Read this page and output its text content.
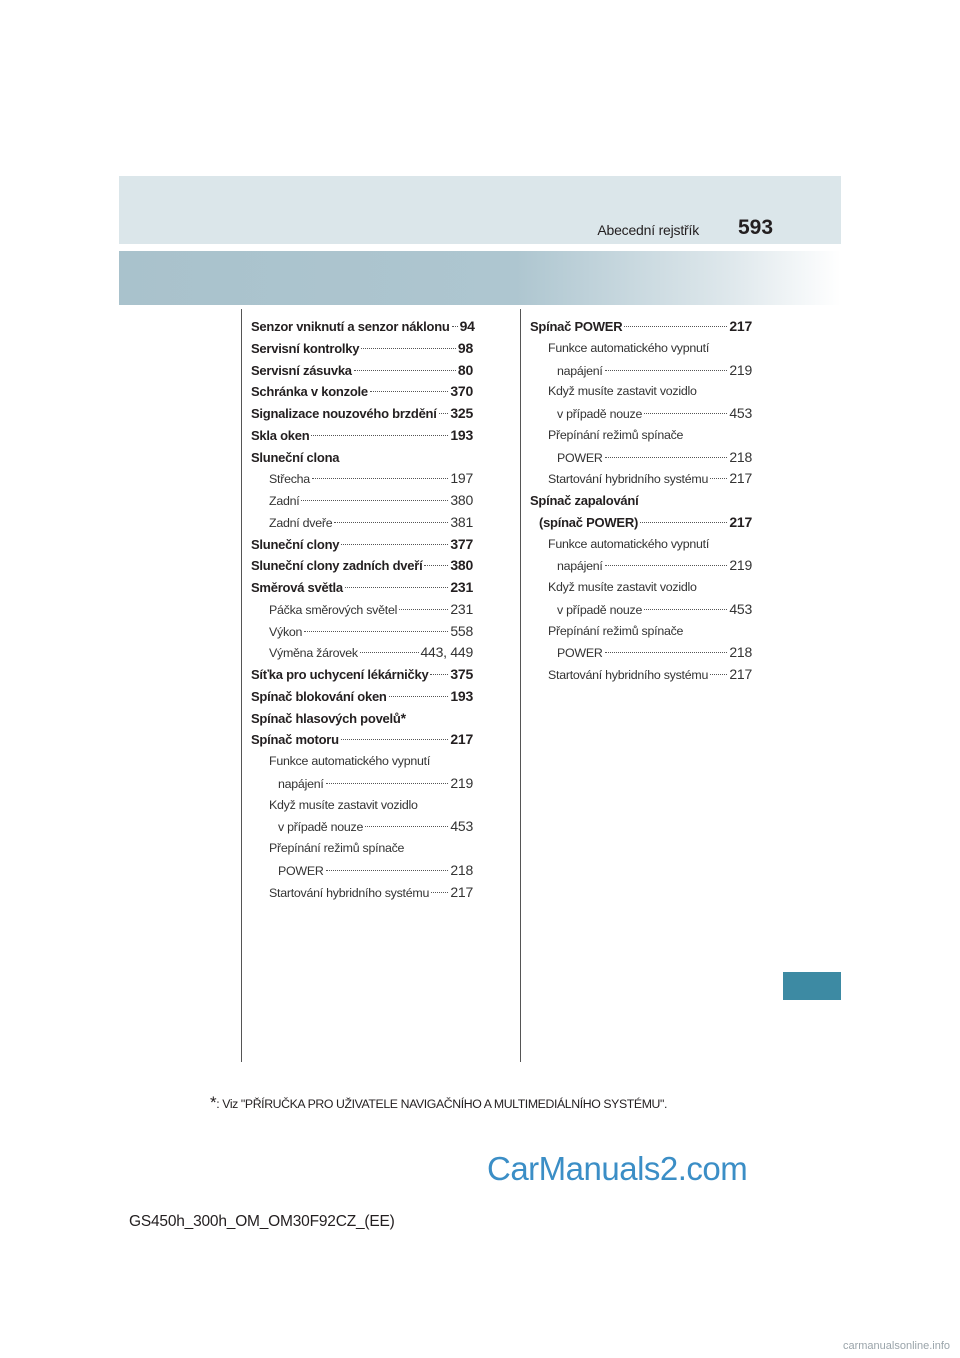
Abecední rejstřík 593
Senzor vniknutí a senzor náklonu 94
Servisní kontrolky	98
Servisní zásuvka	80
Schránka v konzole	370
Signalizace nouzového brzdění 325
Skla oken	193
Sluneční clona
Střecha	197
Zadní	380
Zadní dveře	381
Sluneční clony	377
Sluneční clony zadních dveří 380
Směrová světla	231
Páčka směrových světel	231
Výkon	558
Výměna žárovek	443, 449
Síťka pro uchycení lékárničky 375
Spínač blokování oken	193
Spínač hlasových povelů *
Spínač motoru	217
Funkce automatického vypnutí
napájení	219
Když musíte zastavit vozidlo
v případě nouze	453
Přepínání režimů spínače
POWER	218
Startování hybridního systému 217
Spínač POWER	217
Funkce automatického vypnutí
napájení	219
Když musíte zastavit vozidlo
v případě nouze	453
Přepínání režimů spínače
POWER	218
Startování hybridního systému 217
Spínač zapalování
(spínač POWER)	217
Funkce automatického vypnutí
napájení	219
Když musíte zastavit vozidlo
v případě nouze	453
Přepínání režimů spínače
POWER	218
Startování hybridního systému 217
*: Viz "PŘÍRUČKA PRO UŽIVATELE NAVIGAČNÍHO A MULTIMEDIÁLNÍHO SYSTÉMU".
CarManuals2.com
GS450h_300h_OM_OM30F92CZ_(EE)
carmanualsonline.info
